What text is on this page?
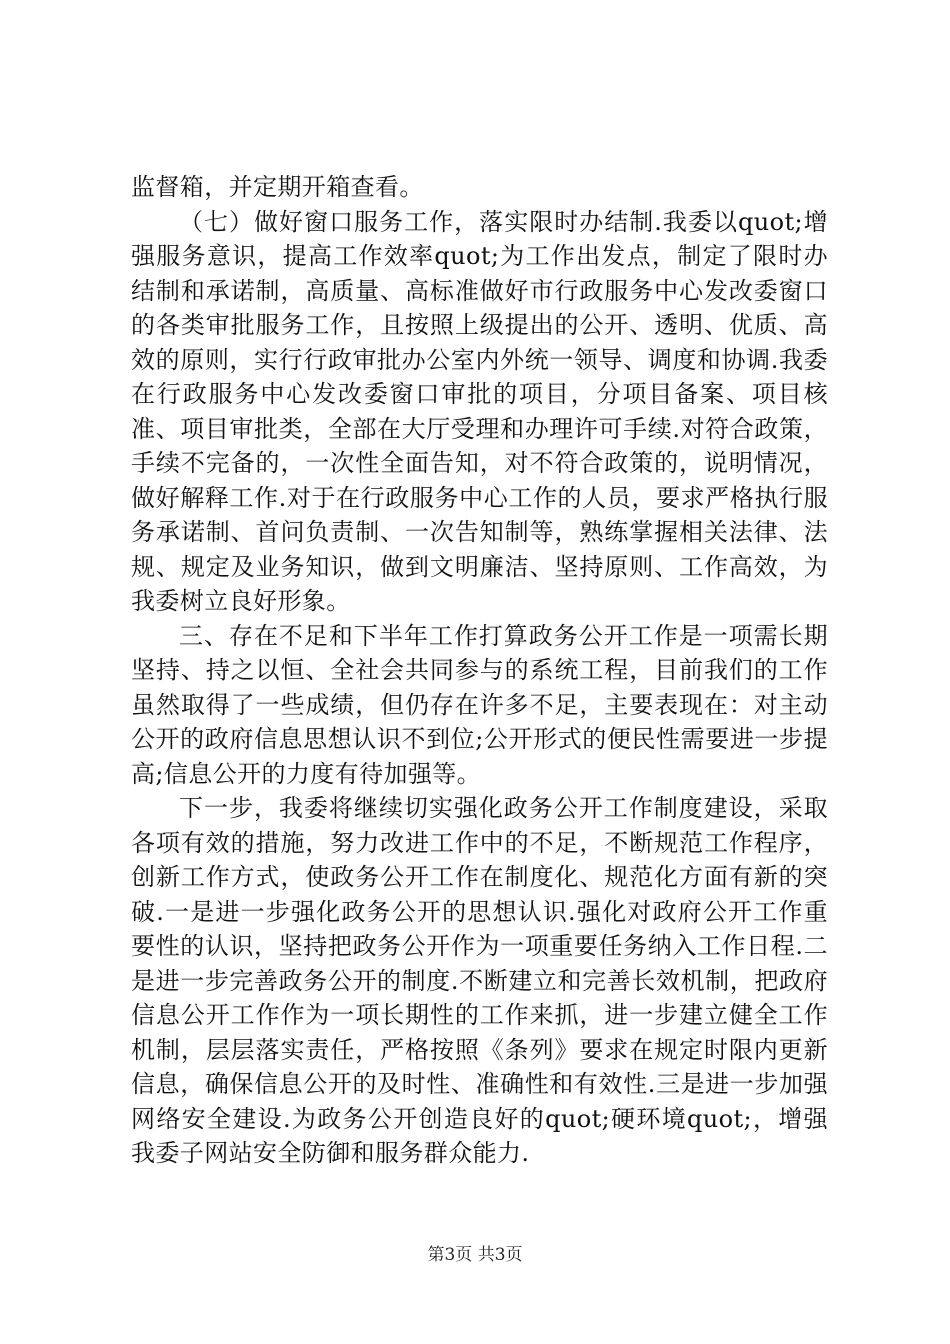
监督箱，并定期开箱查看。

（七）做好窗口服务工作，落实限时办结制.我委以quot;增强服务意识，提高工作效率quot;为工作出发点，制定了限时办结制和承诺制，高质量、高标准做好市行政服务中心发改委窗口的各类审批服务工作，且按照上级提出的公开、透明、优质、高效的原则，实行行政审批办公室内外统一领导、调度和协调.我委在行政服务中心发改委窗口审批的项目，分项目备案、项目核准、项目审批类，全部在大厅受理和办理许可手续.对符合政策，手续不完备的，一次性全面告知，对不符合政策的，说明情况，做好解释工作.对于在行政服务中心工作的人员，要求严格执行服务承诺制、首问负责制、一次告知制等，熟练掌握相关法律、法规、规定及业务知识，做到文明廉洁、坚持原则、工作高效，为我委树立良好形象。

三、存在不足和下半年工作打算政务公开工作是一项需长期坚持、持之以恒、全社会共同参与的系统工程，目前我们的工作虽然取得了一些成绩，但仍存在许多不足，主要表现在：对主动公开的政府信息思想认识不到位;公开形式的便民性需要进一步提高;信息公开的力度有待加强等。

下一步，我委将继续切实强化政务公开工作制度建设，采取各项有效的措施，努力改进工作中的不足，不断规范工作程序，创新工作方式，使政务公开工作在制度化、规范化方面有新的突破.一是进一步强化政务公开的思想认识.强化对政府公开工作重要性的认识，坚持把政务公开作为一项重要任务纳入工作日程.二是进一步完善政务公开的制度.不断建立和完善长效机制，把政府信息公开工作作为一项长期性的工作来抓，进一步建立健全工作机制，层层落实责任，严格按照《条列》要求在规定时限内更新信息，确保信息公开的及时性、准确性和有效性.三是进一步加强网络安全建设.为政务公开创造良好的quot;硬环境quot;，增强我委子网站安全防御和服务群众能力.

第3页 共3页
